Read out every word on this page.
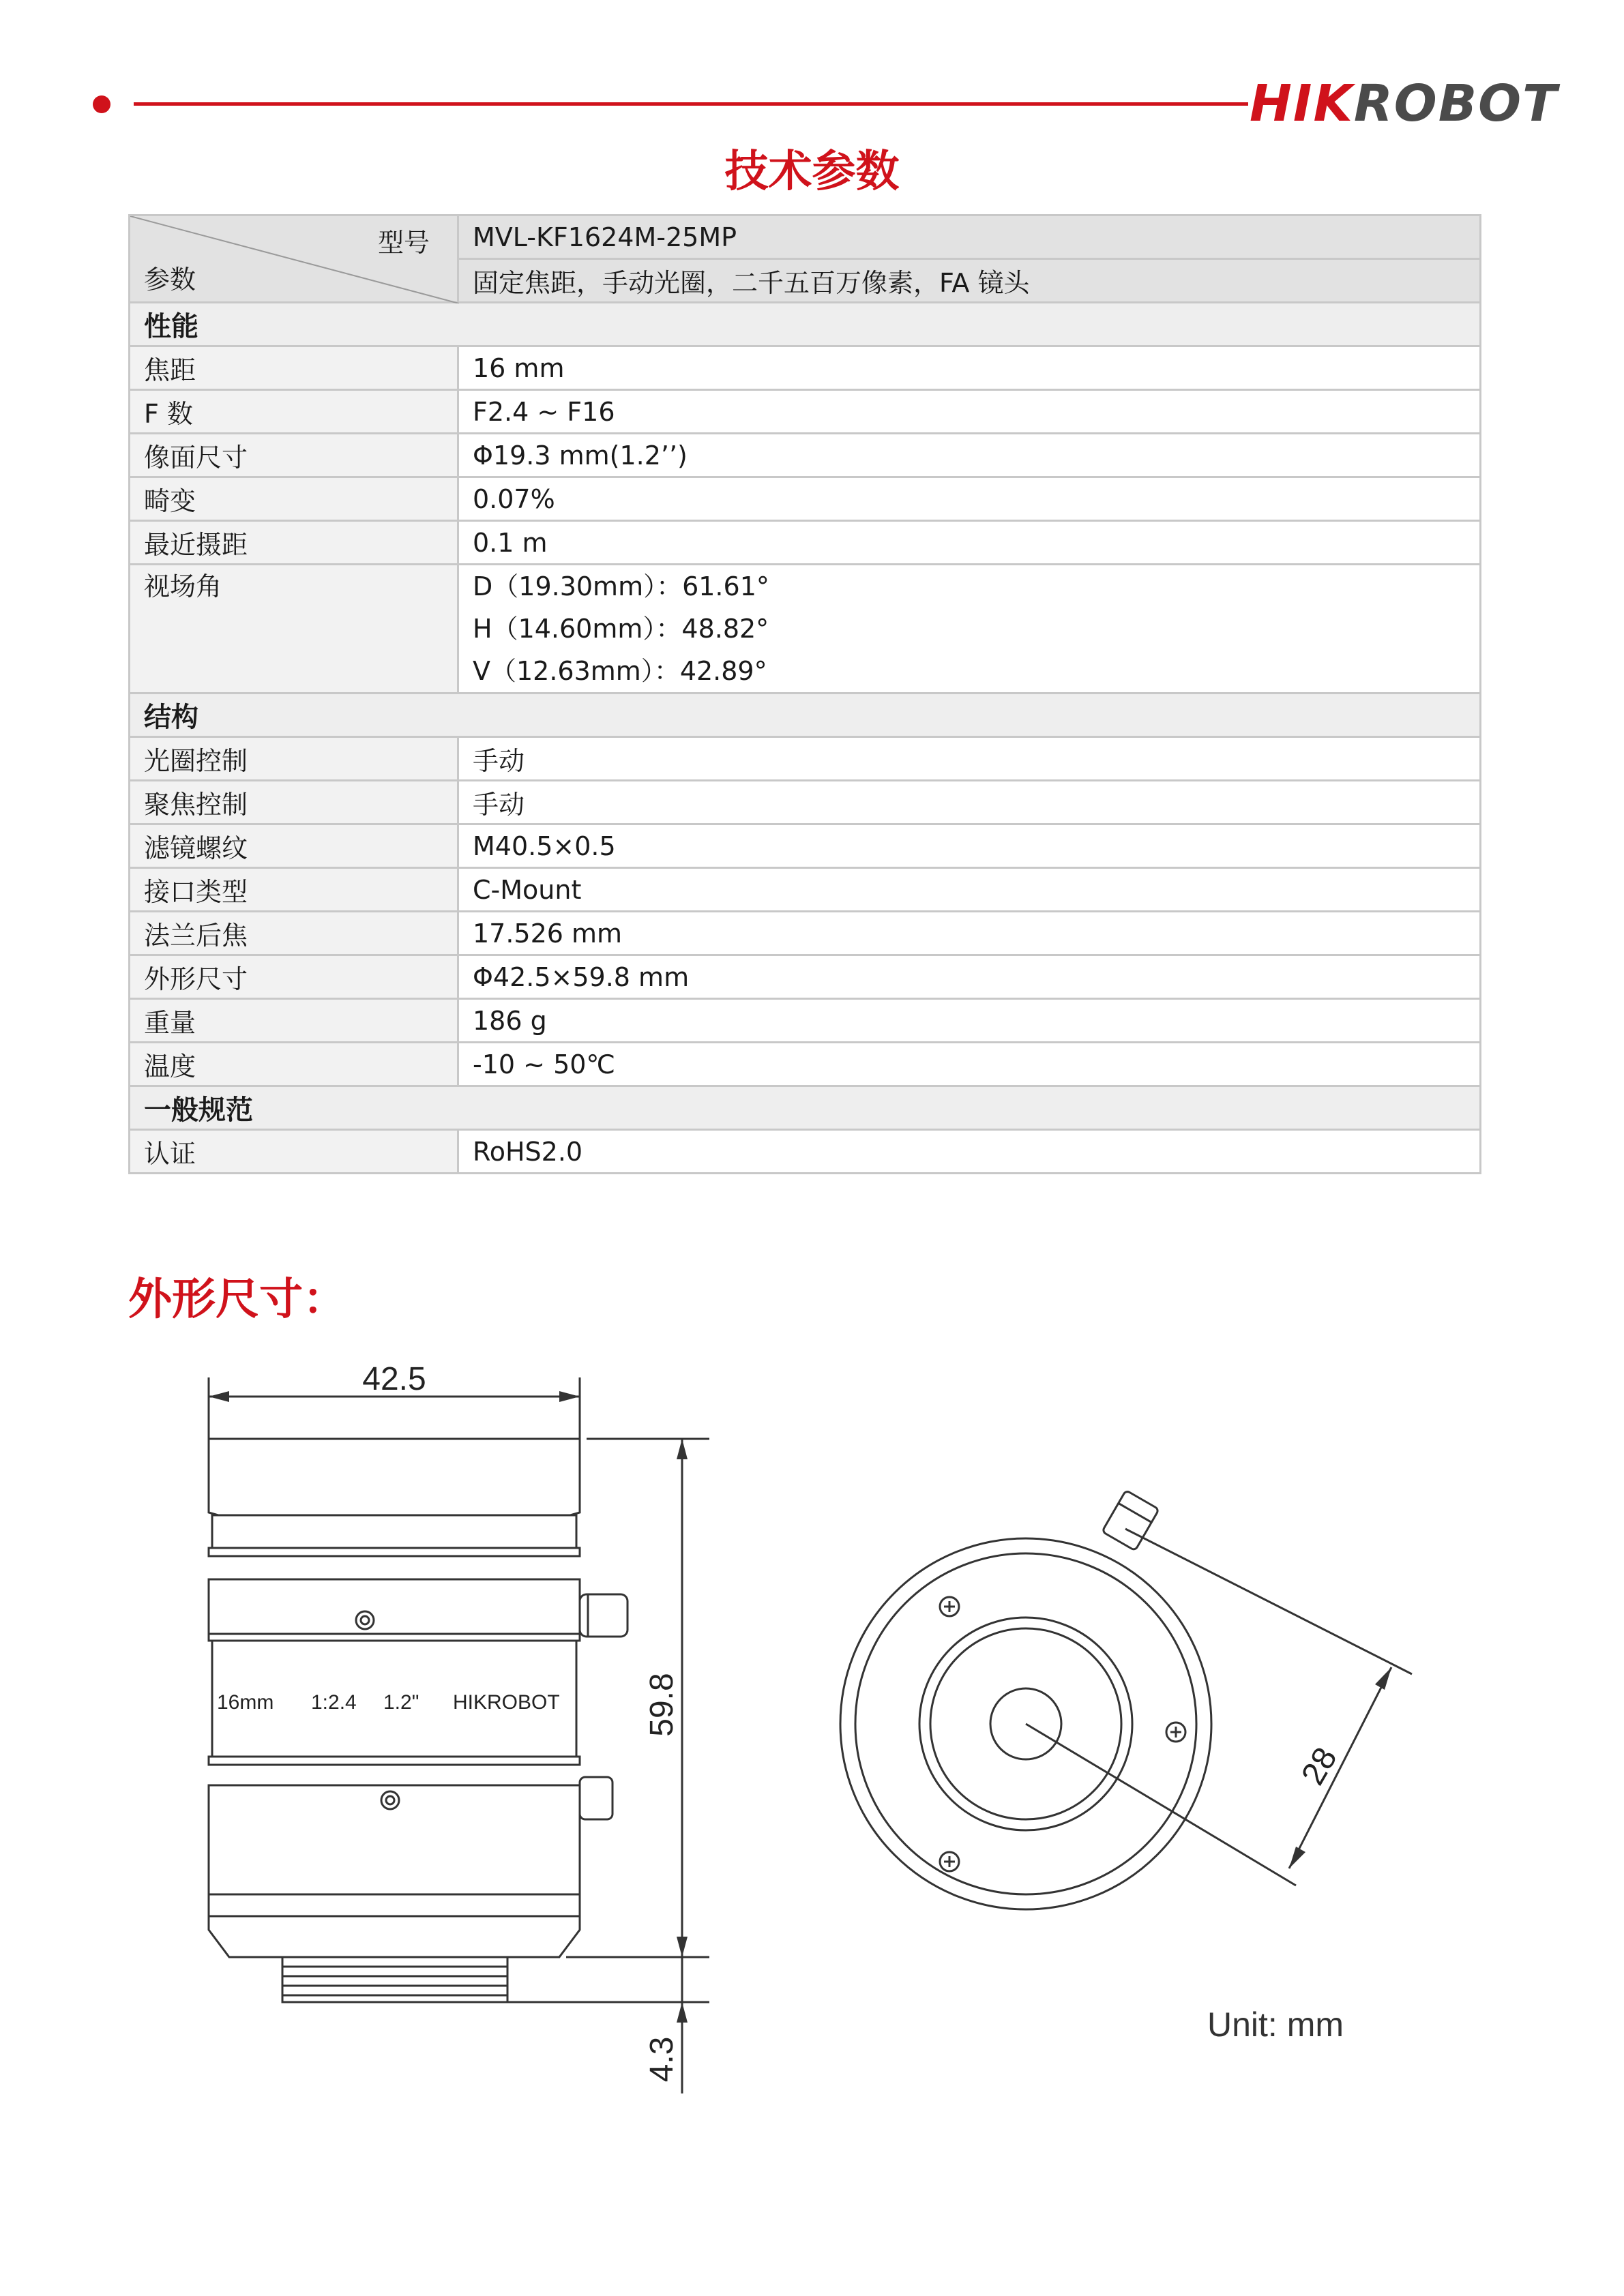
HIKROBOT
技术参数
型号
参数	MVL-KF1624M-25MP
	固定焦距，手动光圈，二千五百万像素，FA 镜头
性能	
焦距	16 mm
F 数	F2.4 ~ F16
像面尺寸	Φ19.3 mm(1.2’’)
畸变	0.07%
最近摄距	0.1 m

视场角	D（19.30mm）：61.61°
H（14.60mm）：48.82°
V（12.63mm）：42.89°

结构	
光圈控制	手动
聚焦控制	手动
滤镜螺纹	M40.5×0.5
接口类型	C-Mount
法兰后焦	17.526 mm
外形尺寸	Φ42.5×59.8 mm
重量	186 g
温度	-10 ~ 50℃
一般规范	
认证	RoHS2.0
外形尺寸：
42.5
59.8
4.3
28
16mm 1:2.4 1.2" HIKROBOT
Unit: mm
